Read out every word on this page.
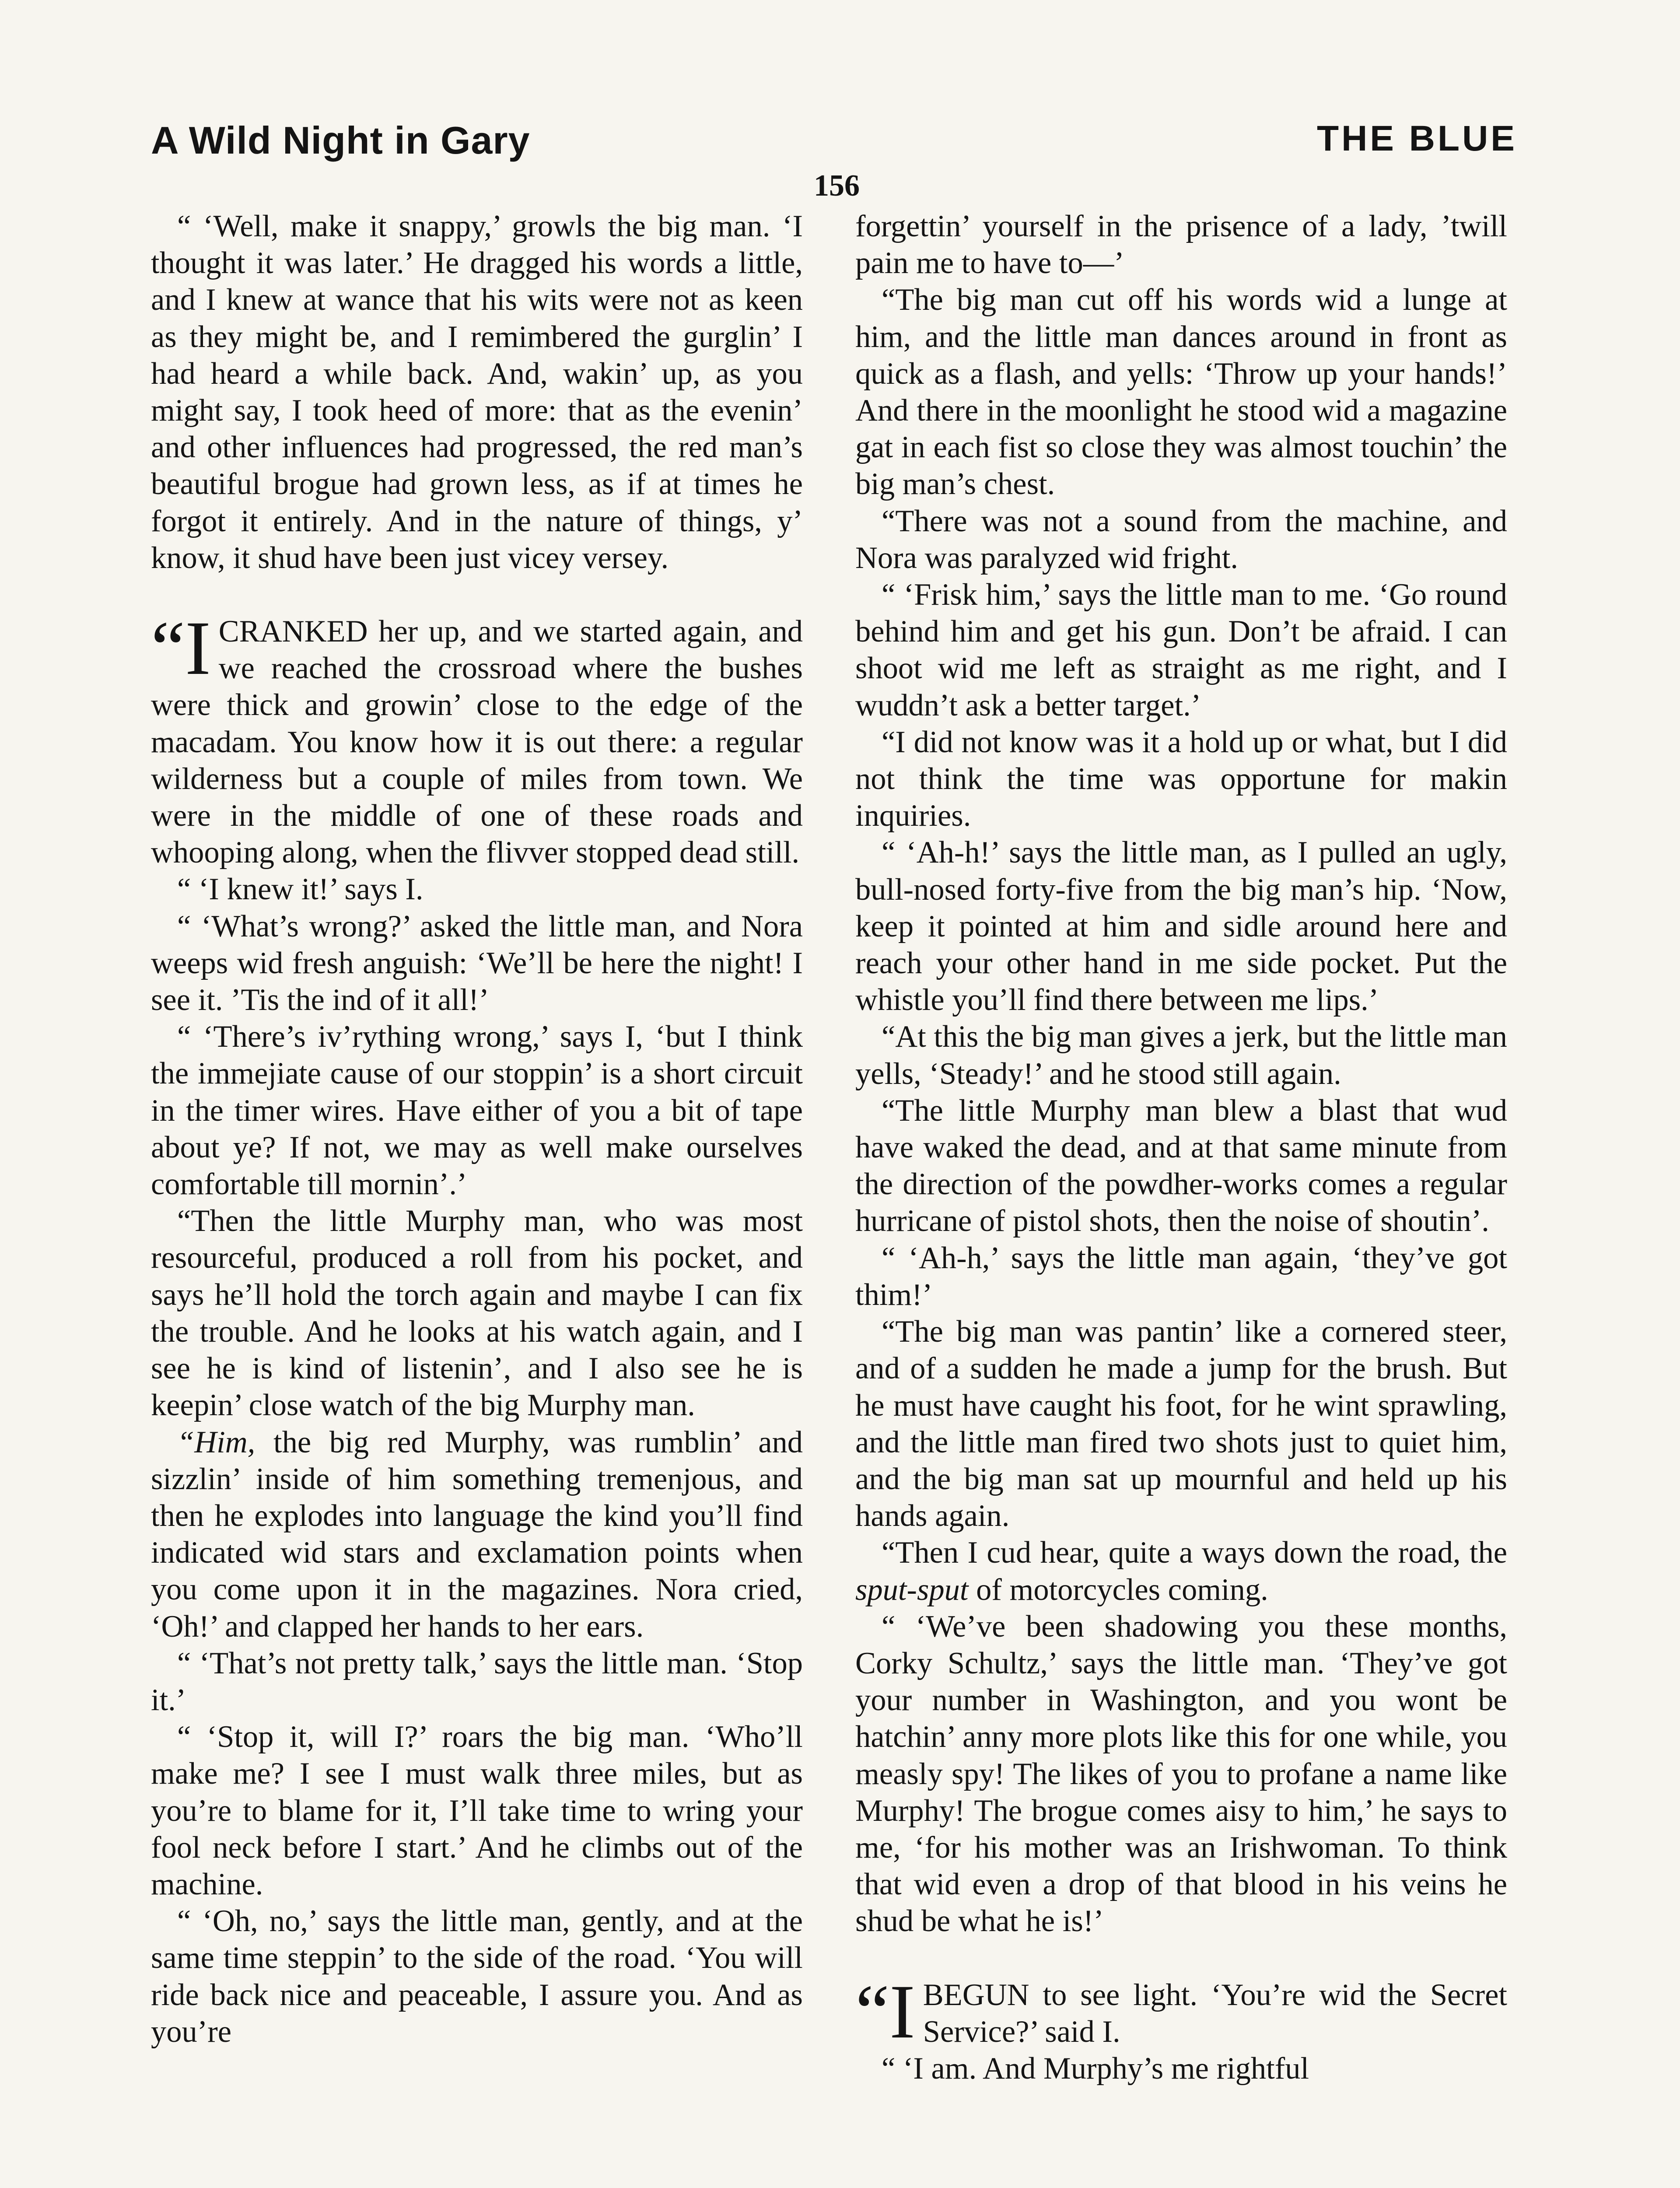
A Wild Night in Gary	THE BLUE
156

“ ‘Well, make it snappy,’ growls the big man. ‘I thought it was later.’ He dragged his words a little, and I knew at wance that his wits were not as keen as they might be, and I remimbered the gurglin’ I had heard a while back. And, wakin’ up, as you might say, I took heed of more: that as the evenin’ and other influences had progressed, the red man’s beautiful brogue had grown less, as if at times he forgot it entirely. And in the nature of things, y’ know, it shud have been just vicey versey.

“I CRANKED her up, and we started again, and we reached the crossroad where the bushes were thick and growin’ close to the edge of the macadam. You know how it is out there: a regular wilderness but a couple of miles from town. We were in the middle of one of these roads and whooping along, when the flivver stopped dead still.

“ ‘I knew it!’ says I.

“ ‘What’s wrong?’ asked the little man, and Nora weeps wid fresh anguish: ‘We’ll be here the night! I see it. ’Tis the ind of it all!’

“ ‘There’s iv’rything wrong,’ says I, ‘but I think the immejiate cause of our stoppin’ is a short circuit in the timer wires. Have either of you a bit of tape about ye? If not, we may as well make ourselves comfortable till mornin’.’

“Then the little Murphy man, who was most resourceful, produced a roll from his pocket, and says he’ll hold the torch again and maybe I can fix the trouble. And he looks at his watch again, and I see he is kind of listenin’, and I also see he is keepin’ close watch of the big Murphy man.

“Him, the big red Murphy, was rumblin’ and sizzlin’ inside of him something tremenjous, and then he explodes into language the kind you’ll find indicated wid stars and exclamation points when you come upon it in the magazines. Nora cried, ‘Oh!’ and clapped her hands to her ears.

“ ‘That’s not pretty talk,’ says the little man. ‘Stop it.’

“ ‘Stop it, will I?’ roars the big man. ‘Who’ll make me? I see I must walk three miles, but as you’re to blame for it, I’ll take time to wring your fool neck before I start.’ And he climbs out of the machine.

“ ‘Oh, no,’ says the little man, gently, and at the same time steppin’ to the side of the road. ‘You will ride back nice and peaceable, I assure you. And as you’re

forgettin’ yourself in the prisence of a lady, ’twill pain me to have to—’

“The big man cut off his words wid a lunge at him, and the little man dances around in front as quick as a flash, and yells: ‘Throw up your hands!’ And there in the moonlight he stood wid a magazine gat in each fist so close they was almost touchin’ the big man’s chest.

“There was not a sound from the machine, and Nora was paralyzed wid fright.

“ ‘Frisk him,’ says the little man to me. ‘Go round behind him and get his gun. Don’t be afraid. I can shoot wid me left as straight as me right, and I wuddn’t ask a better target.’

“I did not know was it a hold up or what, but I did not think the time was opportune for makin inquiries.

“ ‘Ah-h!’ says the little man, as I pulled an ugly, bull-nosed forty-five from the big man’s hip. ‘Now, keep it pointed at him and sidle around here and reach your other hand in me side pocket. Put the whistle you’ll find there between me lips.’

“At this the big man gives a jerk, but the little man yells, ‘Steady!’ and he stood still again.

“The little Murphy man blew a blast that wud have waked the dead, and at that same minute from the direction of the powdher-works comes a regular hurricane of pistol shots, then the noise of shoutin’.

“ ‘Ah-h,’ says the little man again, ‘they’ve got thim!’

“The big man was pantin’ like a cornered steer, and of a sudden he made a jump for the brush. But he must have caught his foot, for he wint sprawling, and the little man fired two shots just to quiet him, and the big man sat up mournful and held up his hands again.

“Then I cud hear, quite a ways down the road, the sput-sput of motorcycles coming.

“ ‘We’ve been shadowing you these months, Corky Schultz,’ says the little man. ‘They’ve got your number in Washington, and you wont be hatchin’ anny more plots like this for one while, you measly spy! The likes of you to profane a name like Murphy! The brogue comes aisy to him,’ he says to me, ‘for his mother was an Irishwoman. To think that wid even a drop of that blood in his veins he shud be what he is!’

“I BEGUN to see light. ‘You’re wid the Secret Service?’ said I.

“ ‘I am. And Murphy’s me rightful
